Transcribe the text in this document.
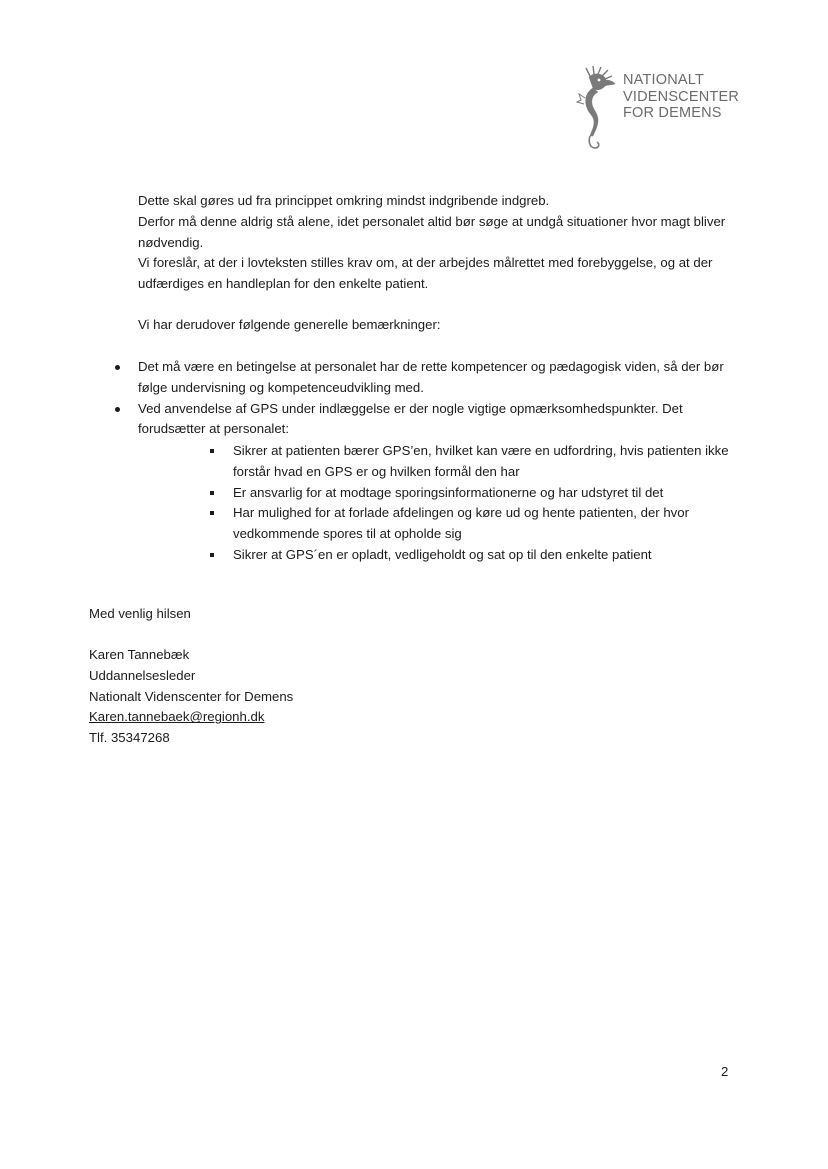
NATIONALT
VIDENSCENTER
FOR DEMENS

Dette skal gøres ud fra princippet omkring mindst indgribende indgreb.

Derfor må denne aldrig stå alene, idet personalet altid bør søge at undgå situationer hvor magt bliver nødvendig.

Vi foreslår, at der i lovteksten stilles krav om, at der arbejdes målrettet med forebyggelse, og at der udfærdiges en handleplan for den enkelte patient.

Vi har derudover følgende generelle bemærkninger:

Det må være en betingelse at personalet har de rette kompetencer og pædagogisk viden, så der bør følge undervisning og kompetenceudvikling med.
Ved anvendelse af GPS under indlæggelse er der nogle vigtige opmærksomhedspunkter. Det forudsætter at personalet:
Sikrer at patienten bærer GPS’en, hvilket kan være en udfordring, hvis patienten ikke forstår hvad en GPS er og hvilken formål den har
Er ansvarlig for at modtage sporingsinformationerne og har udstyret til det
Har mulighed for at forlade afdelingen og køre ud og hente patienten, der hvor vedkommende spores til at opholde sig
Sikrer at GPS´en er opladt, vedligeholdt og sat op til den enkelte patient

Med venlig hilsen

Karen Tannebæk
Uddannelsesleder
Nationalt Videnscenter for Demens
Karen.tannebaek@regionh.dk
Tlf. 35347268
2
